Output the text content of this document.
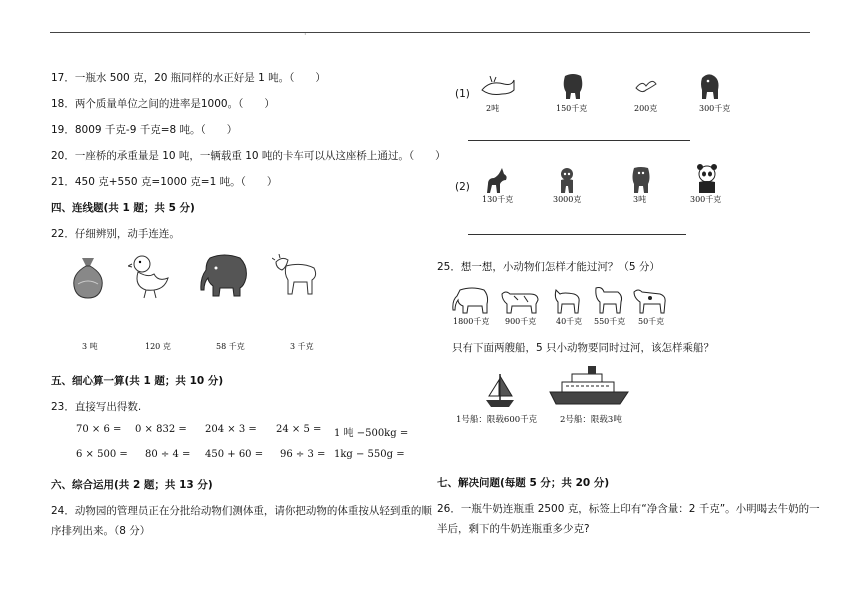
·
17．一瓶水 500 克，20 瓶同样的水正好是 1 吨。（　　）
18．两个质量单位之间的进率是1000。（　　）
19．8009 千克-9 千克=8 吨。（　　）
20．一座桥的承重量是 10 吨，一辆载重 10 吨的卡车可以从这座桥上通过。（　　）
21．450 克+550 克=1000 克=1 吨。（　　）
四、连线题(共 1 题；共 5 分)
22．仔细辨别，动手连连。
3 吨	120 克	58 千克	3 千克
五、细心算一算(共 1 题；共 10 分)
23．直接写出得数.
70 × 6 = 0 × 832 = 204 × 3 = 24 × 5 = 1 吨 −500kg =
6 × 500 = 80 ÷ 4 = 450 + 60 = 96 ÷ 3 = 1kg − 550g =
六、综合运用(共 2 题；共 13 分)
24．动物园的管理员正在分批给动物们测体重，请你把动物的体重按从轻到重的顺
序排列出来。（8 分）
(1)
2吨	150千克	200克	300千克
(2)
130千克	3000克	3吨	300千克
25．想一想，小动物们怎样才能过河？（5 分）
1800千克 900千克 40千克 550千克 50千克
只有下面两艘船，5 只小动物要同时过河，该怎样乘船？
1号船：限载600千克	2号船：限载3吨
七、解决问题(每题 5 分；共 20 分)
26．一瓶牛奶连瓶重 2500 克，标签上印有“净含量：2 千克”。小明喝去牛奶的一
半后，剩下的牛奶连瓶重多少克?
